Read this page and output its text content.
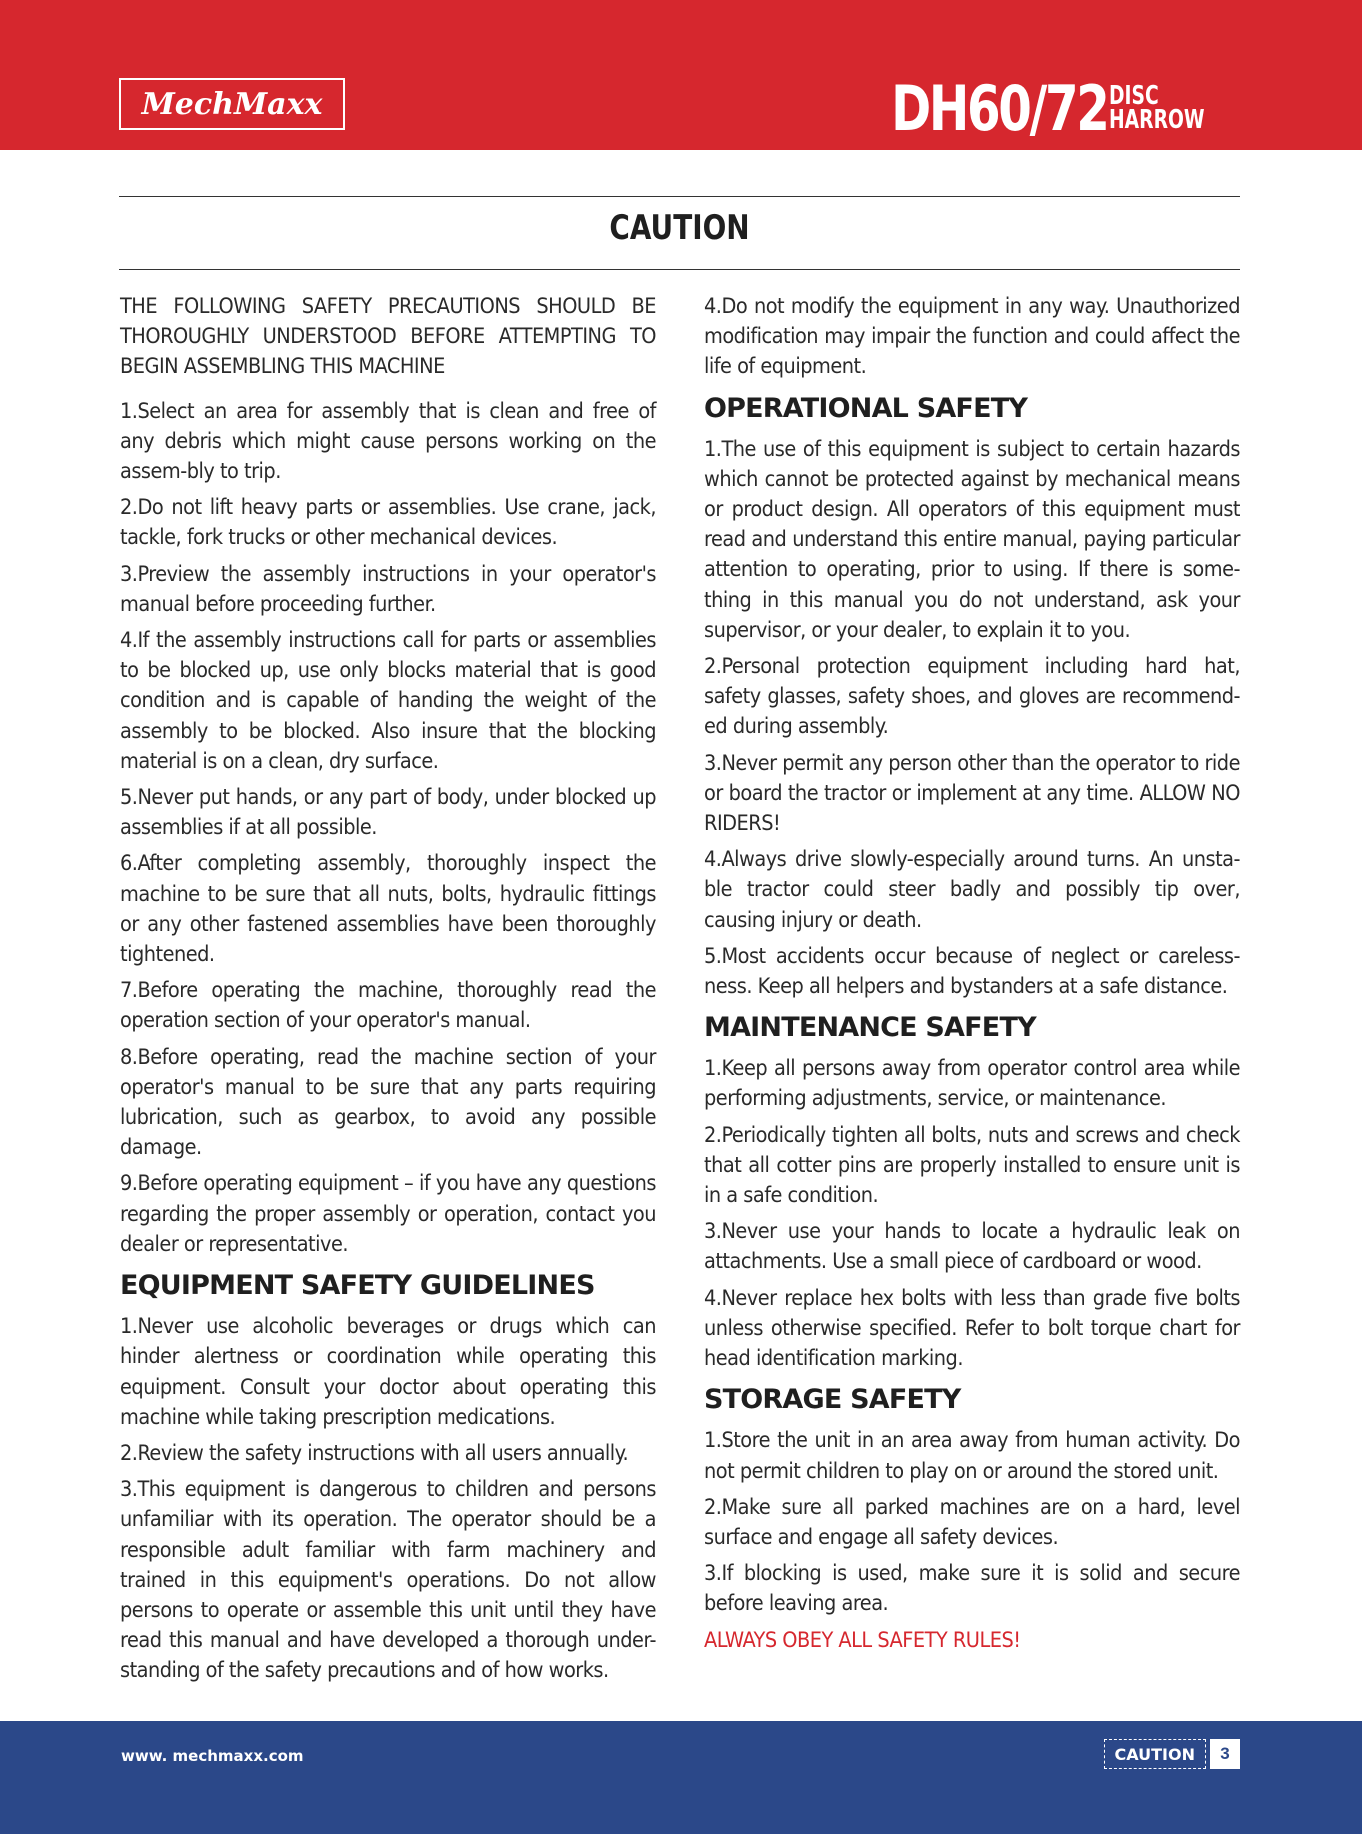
MechMaxx	DH60/72 DISC
HARROW
CAUTION

THE FOLLOWING SAFETY PRECAUTIONS SHOULD BE THOROUGHLY UNDERSTOOD BEFORE ATTEMPTING TO BEGIN ASSEMBLING THIS MACHINE

1.Select an area for assembly that is clean and free of any debris which might cause persons working on the assem-bly to trip.

2.Do not lift heavy parts or assemblies. Use crane, jack, tackle, fork trucks or other mechanical devices.

3.Preview the assembly instructions in your operator's manual before proceeding further.

4.If the assembly instructions call for parts or assemblies to be blocked up, use only blocks material that is good condition and is capable of handing the weight of the assembly to be blocked. Also insure that the blocking material is on a clean, dry surface.

5.Never put hands, or any part of body, under blocked up assemblies if at all possible.

6.After completing assembly, thoroughly inspect the machine to be sure that all nuts, bolts, hydraulic fittings or any other fastened assemblies have been thoroughly tightened.

7.Before operating the machine, thoroughly read the operation section of your operator's manual.

8.Before operating, read the machine section of your operator's manual to be sure that any parts requiring lubrication, such as gearbox, to avoid any possible damage.

9.Before operating equipment – if you have any questions regarding the proper assembly or operation, contact you dealer or representative.

EQUIPMENT SAFETY GUIDELINES

1.Never use alcoholic beverages or drugs which can hinder alertness or coordination while operating this equipment. Consult your doctor about operating this machine while taking prescription medications.

2.Review the safety instructions with all users annually.

3.This equipment is dangerous to children and persons unfamiliar with its operation. The operator should be a responsible adult familiar with farm machinery and trained in this equipment's operations. Do not allow persons to operate or assemble this unit until they have read this manual and have developed a thorough under-standing of the safety precautions and of how works.

4.Do not modify the equipment in any way. Unauthorized modification may impair the function and could affect the life of equipment.

OPERATIONAL SAFETY

1.The use of this equipment is subject to certain hazards which cannot be protected against by mechanical means or product design. All operators of this equipment must read and understand this entire manual, paying particular attention to operating, prior to using. If there is some-thing in this manual you do not understand, ask your supervisor, or your dealer, to explain it to you.

2.Personal protection equipment including hard hat, safety glasses, safety shoes, and gloves are recommend-ed during assembly.

3.Never permit any person other than the operator to ride or board the tractor or implement at any time. ALLOW NO RIDERS!

4.Always drive slowly-especially around turns. An unsta-ble tractor could steer badly and possibly tip over, causing injury or death.

5.Most accidents occur because of neglect or careless-ness. Keep all helpers and bystanders at a safe distance.

MAINTENANCE SAFETY

1.Keep all persons away from operator control area while performing adjustments, service, or maintenance.

2.Periodically tighten all bolts, nuts and screws and check that all cotter pins are properly installed to ensure unit is in a safe condition.

3.Never use your hands to locate a hydraulic leak on attachments. Use a small piece of cardboard or wood.

4.Never replace hex bolts with less than grade five bolts unless otherwise specified. Refer to bolt torque chart for head identification marking.

STORAGE SAFETY

1.Store the unit in an area away from human activity. Do not permit children to play on or around the stored unit.

2.Make sure all parked machines are on a hard, level surface and engage all safety devices.

3.If blocking is used, make sure it is solid and secure before leaving area.

ALWAYS OBEY ALL SAFETY RULES!

www. mechmaxx.com	CAUTION	3
